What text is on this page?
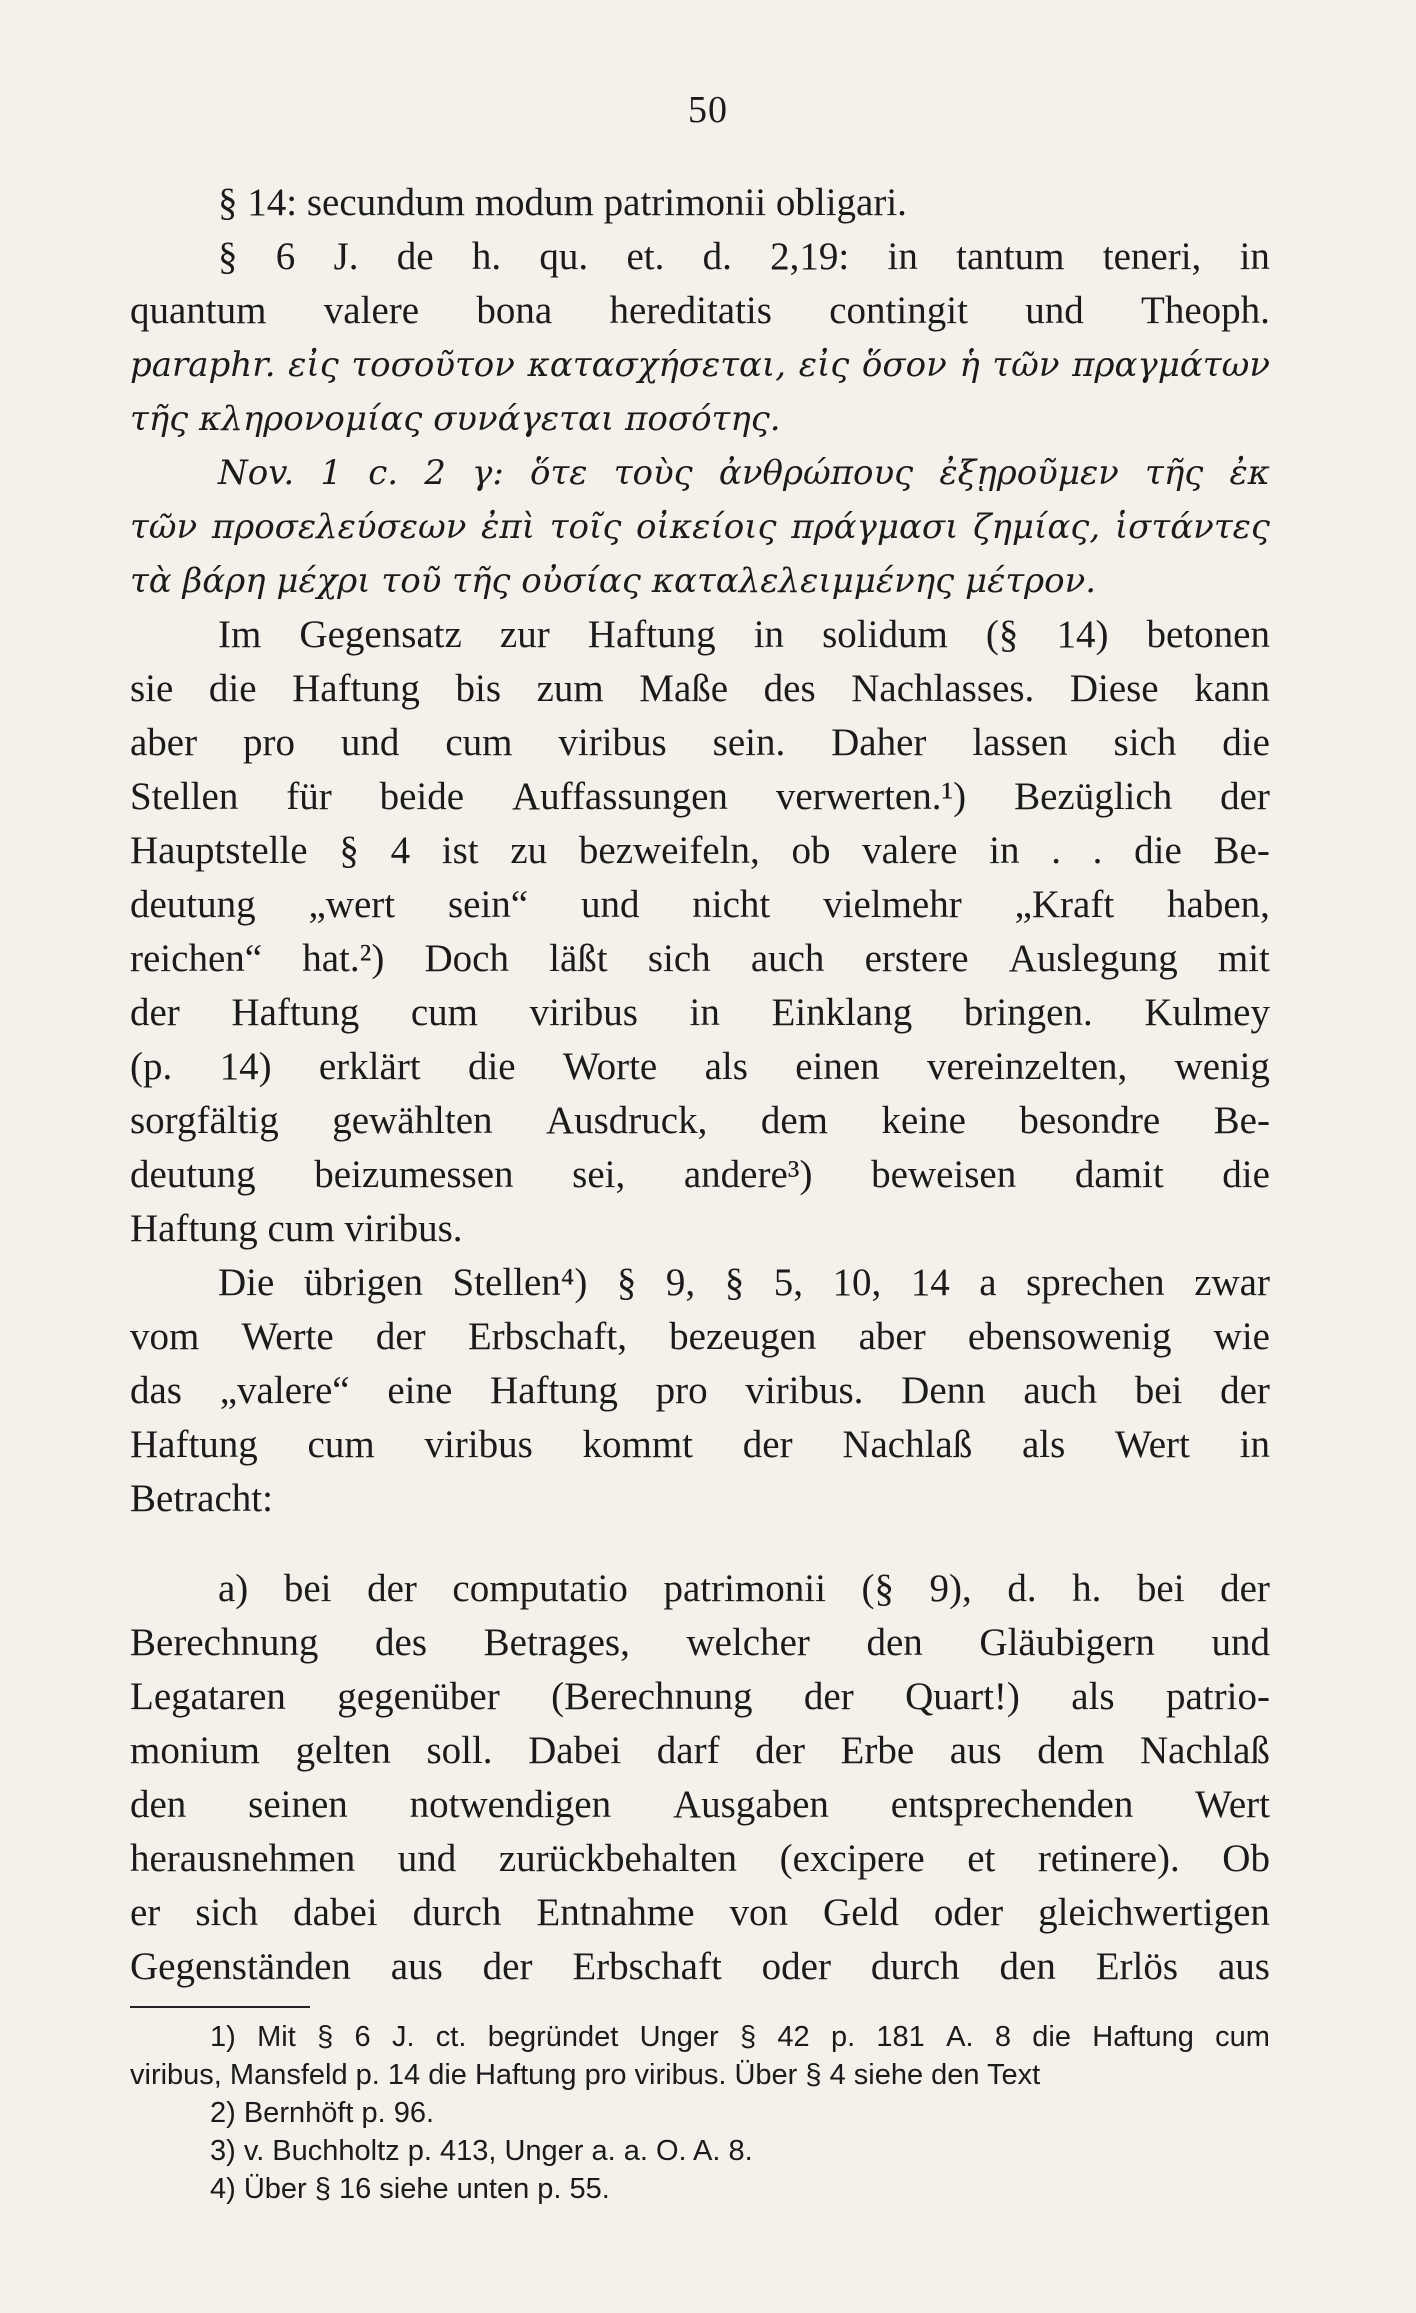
50
§ 14: secundum modum patrimonii obligari.
§ 6 J. de h. qu. et. d. 2,19: in tantum teneri, in
quantum valere bona hereditatis contingit und Theoph.
paraphr. εἰς τοσοῦτον κατασχήσεται, εἰς ὅσον ἡ τῶν πραγμάτων
τῆς κληρονομίας συνάγεται ποσότης.
Nov. 1 c. 2 γ: ὅτε τοὺς ἀνθρώπους ἐξῃροῦμεν τῆς ἐκ
τῶν προσελεύσεων ἐπὶ τοῖς οἰκείοις πράγμασι ζημίας, ἱστάντες
τὰ βάρη μέχρι τοῦ τῆς οὐσίας καταλελειμμένης μέτρον.
Im Gegensatz zur Haftung in solidum (§ 14) betonen
sie die Haftung bis zum Maße des Nachlasses. Diese kann
aber pro und cum viribus sein. Daher lassen sich die
Stellen für beide Auffassungen verwerten.¹) Bezüglich der
Hauptstelle § 4 ist zu bezweifeln, ob valere in . . die Be-
deutung „wert sein“ und nicht vielmehr „Kraft haben,
reichen“ hat.²) Doch läßt sich auch erstere Auslegung mit
der Haftung cum viribus in Einklang bringen. Kulmey
(p. 14) erklärt die Worte als einen vereinzelten, wenig
sorgfältig gewählten Ausdruck, dem keine besondre Be-
deutung beizumessen sei, andere³) beweisen damit die
Haftung cum viribus.
Die übrigen Stellen⁴) § 9, § 5, 10, 14 a sprechen zwar
vom Werte der Erbschaft, bezeugen aber ebensowenig wie
das „valere“ eine Haftung pro viribus. Denn auch bei der
Haftung cum viribus kommt der Nachlaß als Wert in
Betracht:
a) bei der computatio patrimonii (§ 9), d. h. bei der
Berechnung des Betrages, welcher den Gläubigern und
Legataren gegenüber (Berechnung der Quart!) als patrio-
monium gelten soll. Dabei darf der Erbe aus dem Nachlaß
den seinen notwendigen Ausgaben entsprechenden Wert
herausnehmen und zurückbehalten (excipere et retinere). Ob
er sich dabei durch Entnahme von Geld oder gleichwertigen
Gegenständen aus der Erbschaft oder durch den Erlös aus
1) Mit § 6 J. ct. begründet Unger § 42 p. 181 A. 8 die Haftung cum
viribus, Mansfeld p. 14 die Haftung pro viribus. Über § 4 siehe den Text
2) Bernhöft p. 96.
3) v. Buchholtz p. 413, Unger a. a. O. A. 8.
4) Über § 16 siehe unten p. 55.
